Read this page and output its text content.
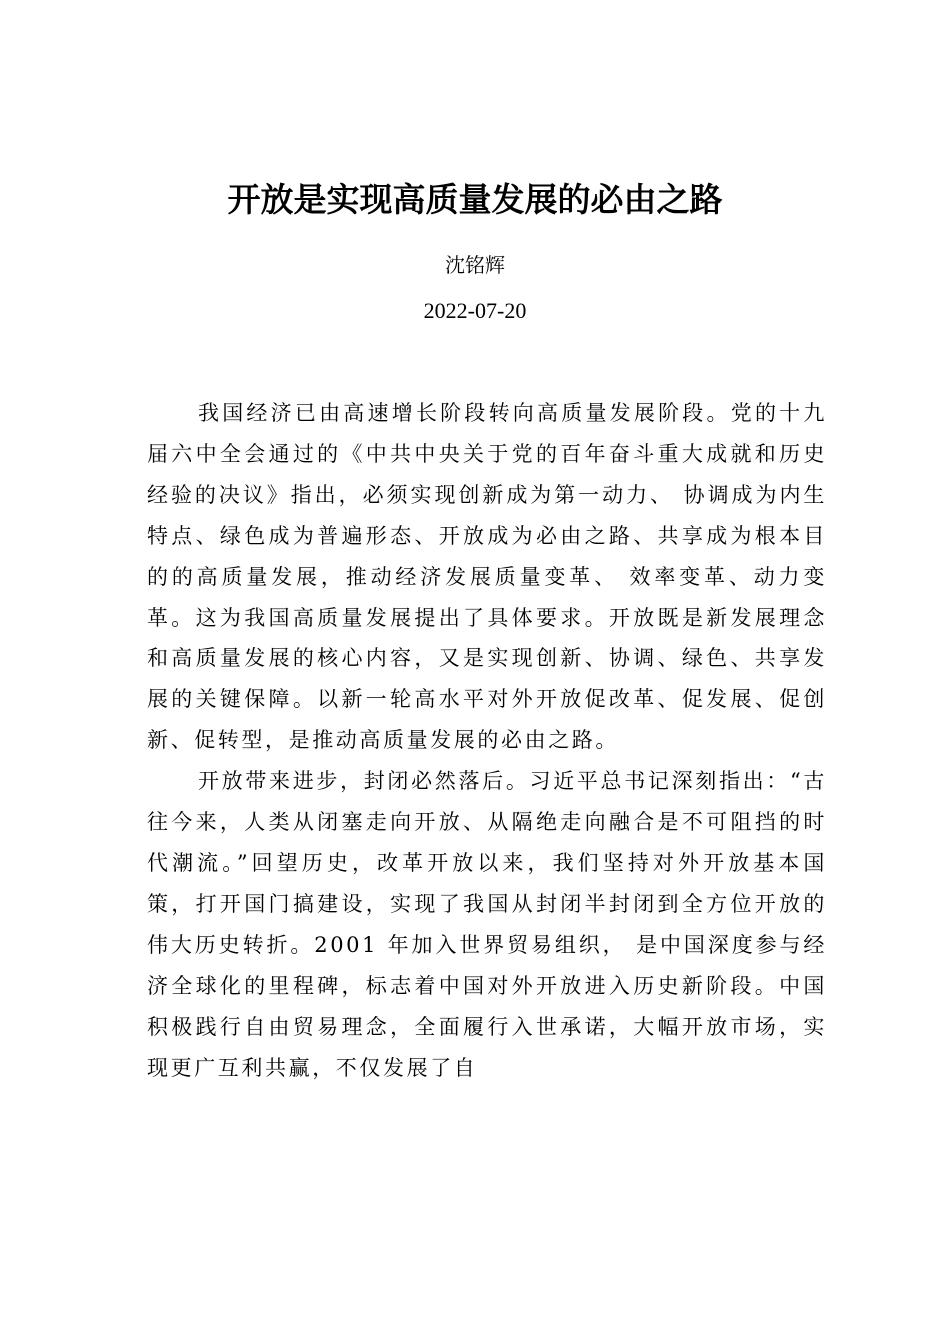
开放是实现高质量发展的必由之路

沈铭辉

2022-07-20

我国经济已由高速增长阶段转向高质量发展阶段。党的十九届六中全会通过的《中共中央关于党的百年奋斗重大成就和历史经验的决议》指出，必须实现创新成为第一动力、 协调成为内生特点、绿色成为普遍形态、开放成为必由之路、共享成为根本目的的高质量发展，推动经济发展质量变革、 效率变革、动力变革。这为我国高质量发展提出了具体要求。开放既是新发展理念和高质量发展的核心内容，又是实现创新、协调、绿色、共享发展的关键保障。以新一轮高水平对外开放促改革、促发展、促创新、促转型，是推动高质量发展的必由之路。

开放带来进步，封闭必然落后。习近平总书记深刻指出：“古往今来，人类从闭塞走向开放、从隔绝走向融合是不可阻挡的时代潮流。”回望历史，改革开放以来，我们坚持对外开放基本国策，打开国门搞建设，实现了我国从封闭半封闭到全方位开放的伟大历史转折。2001 年加入世界贸易组织， 是中国深度参与经济全球化的里程碑，标志着中国对外开放进入历史新阶段。中国积极践行自由贸易理念，全面履行入世承诺，大幅开放市场，实现更广互利共赢，不仅发展了自
